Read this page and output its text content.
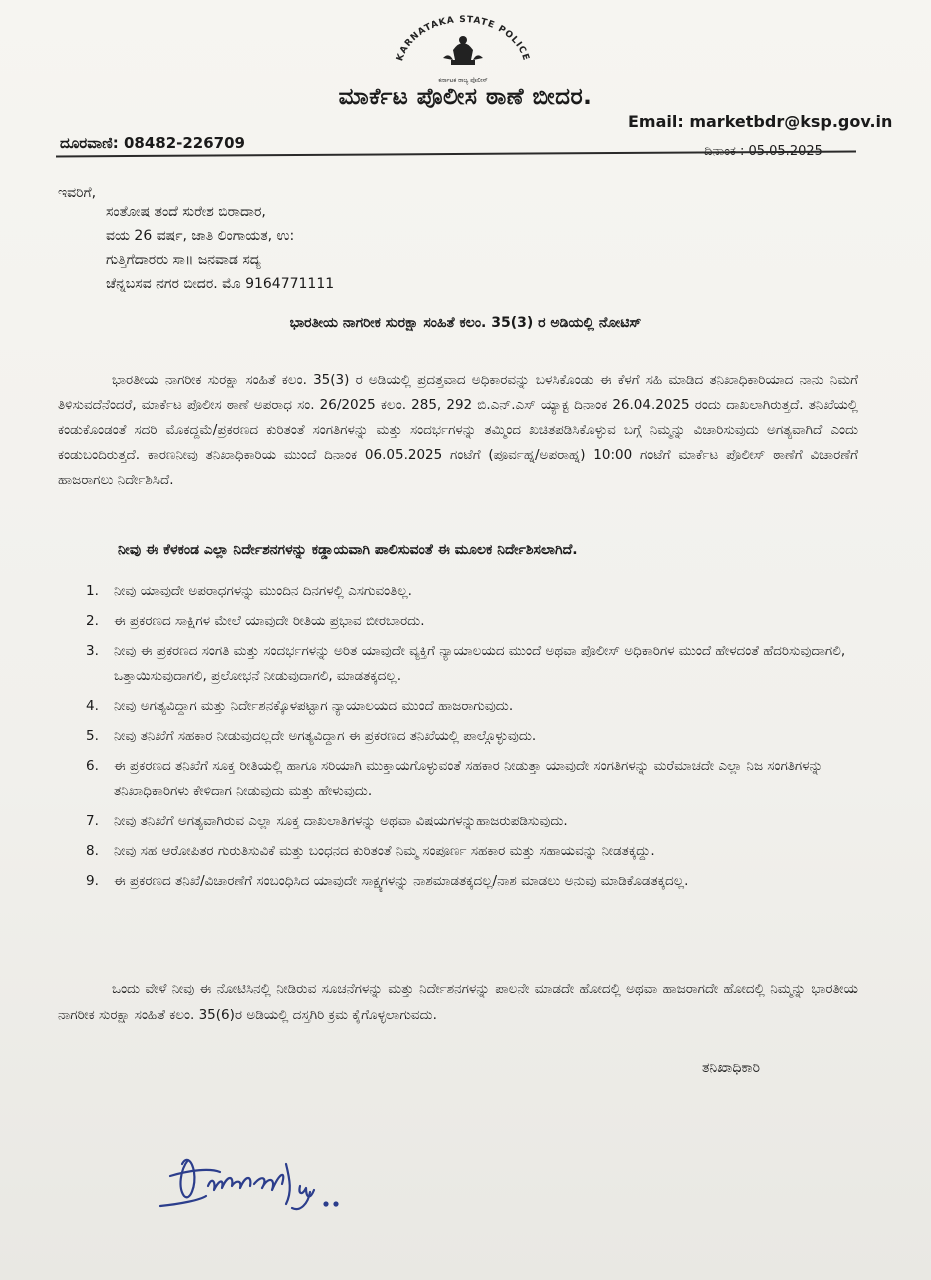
KARNATAKA STATE POLICE
ಕರ್ನಾಟಕ ರಾಜ್ಯ ಪೊಲೀಸ್
ಮಾರ್ಕೆಟ ಪೊಲೀಸ ಠಾಣೆ ಬೀದರ.
Email: marketbdr@ksp.gov.in
ದೂರವಾಣಿ: 08482-226709	ದಿನಾಂಕ : 05.05.2025
ಇವರಿಗೆ,
ಸಂತೋಷ ತಂದೆ ಸುರೇಶ ಬಿರಾದಾರ,
ವಯ 26 ವರ್ಷ, ಜಾತಿ ಲಿಂಗಾಯತ, ಉ:
ಗುತ್ತಿಗೆದಾರರು ಸಾ॥ ಜನವಾಡ ಸದ್ಯ
ಚೆನ್ನಬಸವ ನಗರ ಬೀದರ. ಮೊ 9164771111
ಭಾರತೀಯ ನಾಗರೀಕ ಸುರಕ್ಷಾ ಸಂಹಿತೆ ಕಲಂ. 35(3) ರ ಅಡಿಯಲ್ಲಿ ನೋಟಿಸ್
ಭಾರತೀಯ ನಾಗರೀಕ ಸುರಕ್ಷಾ ಸಂಹಿತೆ ಕಲಂ. 35(3) ರ ಅಡಿಯಲ್ಲಿ ಪ್ರದತ್ತವಾದ ಅಧಿಕಾರವನ್ನು ಬಳಸಿಕೊಂಡು ಈ ಕೆಳಗೆ ಸಹಿ ಮಾಡಿದ ತನಿಖಾಧಿಕಾರಿಯಾದ ನಾನು ನಿಮಗೆ ತಿಳಿಸುವದೆನೆಂದರೆ, ಮಾರ್ಕೆಟ ಪೊಲೀಸ ಠಾಣೆ ಅಪರಾಧ ಸಂ. 26/2025 ಕಲಂ. 285, 292 ಬಿ.ಎನ್.ಎಸ್ ಯ್ಯಾಕ್ಟ ದಿನಾಂಕ 26.04.2025 ರಂದು ದಾಖಲಾಗಿರುತ್ತದೆ. ತನಿಖೆಯಲ್ಲಿ ಕಂಡುಕೊಂಡಂತೆ ಸದರಿ ಮೊಕದ್ದಮೆ/ಪ್ರಕರಣದ ಕುರಿತಂತೆ ಸಂಗತಿಗಳನ್ನು ಮತ್ತು ಸಂದರ್ಭಗಳನ್ನು ತಮ್ಮಿಂದ ಖಚಿತಪಡಿಸಿಕೊಳ್ಳುವ ಬಗ್ಗೆ ನಿಮ್ಮನ್ನು ವಿಚಾರಿಸುವುದು ಅಗತ್ಯವಾಗಿದೆ ಎಂದು ಕಂಡುಬಂದಿರುತ್ತದೆ. ಕಾರಣನೀವು ತನಿಖಾಧಿಕಾರಿಯ ಮುಂದೆ ದಿನಾಂಕ 06.05.2025 ಗಂಟೆಗೆ (ಪೂರ್ವಹ್ನ/ಅಪರಾಹ್ನ) 10:00 ಗಂಟೆಗೆ ಮಾರ್ಕೆಟ ಪೊಲೀಸ್ ಠಾಣೆಗೆ ವಿಚಾರಣೆಗೆ ಹಾಜರಾಗಲು ನಿರ್ದೇಶಿಸಿದೆ.
ನೀವು ಈ ಕೆಳಕಂಡ ಎಲ್ಲಾ ನಿರ್ದೇಶನಗಳನ್ನು ಕಡ್ಡಾಯವಾಗಿ ಪಾಲಿಸುವಂತೆ ಈ ಮೂಲಕ ನಿರ್ದೇಶಿಸಲಾಗಿದೆ.
1.	ನೀವು ಯಾವುದೇ ಅಪರಾಧಗಳನ್ನು ಮುಂದಿನ ದಿನಗಳಲ್ಲಿ ಎಸಗುವಂತಿಲ್ಲ.
2.	ಈ ಪ್ರಕರಣದ ಸಾಕ್ಷಿಗಳ ಮೇಲೆ ಯಾವುದೇ ರೀತಿಯ ಪ್ರಭಾವ ಬೀರಬಾರದು.
3.	ನೀವು ಈ ಪ್ರಕರಣದ ಸಂಗತಿ ಮತ್ತು ಸಂದರ್ಭಗಳನ್ನು ಅರಿತ ಯಾವುದೇ ವ್ಯಕ್ತಿಗೆ ನ್ಯಾಯಾಲಯದ ಮುಂದೆ ಅಥವಾ ಪೊಲೀಸ್ ಅಧಿಕಾರಿಗಳ ಮುಂದೆ ಹೇಳದಂತೆ ಹೆದರಿಸುವುದಾಗಲಿ, ಒತ್ತಾಯಿಸುವುದಾಗಲಿ, ಪ್ರಲೋಭನೆ ನೀಡುವುದಾಗಲಿ, ಮಾಡತಕ್ಕದಲ್ಲ.
4.	ನೀವು ಅಗತ್ಯವಿದ್ದಾಗ ಮತ್ತು ನಿರ್ದೇಶನಕ್ಕೊಳಪಟ್ಟಾಗ ನ್ಯಾಯಾಲಯದ ಮುಂದೆ ಹಾಜರಾಗುವುದು.
5.	ನೀವು ತನಿಖೆಗೆ ಸಹಕಾರ ನೀಡುವುದಲ್ಲದೇ ಅಗತ್ಯವಿದ್ದಾಗ ಈ ಪ್ರಕರಣದ ತನಿಖೆಯಲ್ಲಿ ಪಾಲ್ಗೊಳ್ಳುವುದು.
6.	ಈ ಪ್ರಕರಣದ ತನಿಖೆಗೆ ಸೂಕ್ತ ರೀತಿಯಲ್ಲಿ ಹಾಗೂ ಸರಿಯಾಗಿ ಮುಕ್ತಾಯಗೊಳ್ಳುವಂತೆ ಸಹಕಾರ ನೀಡುತ್ತಾ ಯಾವುದೇ ಸಂಗತಿಗಳನ್ನು ಮರೆಮಾಚದೇ ಎಲ್ಲಾ ನಿಜ ಸಂಗತಿಗಳನ್ನು ತನಿಖಾಧಿಕಾರಿಗಳು ಕೇಳಿದಾಗ ನೀಡುವುದು ಮತ್ತು ಹೇಳುವುದು.
7.	ನೀವು ತನಿಖೆಗೆ ಅಗತ್ಯವಾಗಿರುವ ಎಲ್ಲಾ ಸೂಕ್ತ ದಾಖಲಾತಿಗಳನ್ನು ಅಥವಾ ವಿಷಯಗಳನ್ನುಹಾಜರುಪಡಿಸುವುದು.
8.	ನೀವು ಸಹ ಆರೋಪಿತರ ಗುರುತಿಸುವಿಕೆ ಮತ್ತು ಬಂಧನದ ಕುರಿತಂತೆ ನಿಮ್ಮ ಸಂಪೂರ್ಣ ಸಹಕಾರ ಮತ್ತು ಸಹಾಯವನ್ನು ನೀಡತಕ್ಕದ್ದು.
9.	ಈ ಪ್ರಕರಣದ ತನಿಖೆ/ವಿಚಾರಣೆಗೆ ಸಂಬಂಧಿಸಿದ ಯಾವುದೇ ಸಾಕ್ಷ್ಯಗಳನ್ನು ನಾಶಮಾಡತಕ್ಕದಲ್ಲ/ನಾಶ ಮಾಡಲು ಅನುವು ಮಾಡಿಕೊಡತಕ್ಕದಲ್ಲ.
ಒಂದು ವೇಳೆ ನೀವು ಈ ನೋಟಿಸಿನಲ್ಲಿ ನೀಡಿರುವ ಸೂಚನೆಗಳನ್ನು ಮತ್ತು ನಿರ್ದೇಶನಗಳನ್ನು ಪಾಲನೇ ಮಾಡದೇ ಹೋದಲ್ಲಿ ಅಥವಾ ಹಾಜರಾಗದೇ ಹೋದಲ್ಲಿ ನಿಮ್ಮನ್ನು ಭಾರತೀಯ ನಾಗರೀಕ ಸುರಕ್ಷಾ ಸಂಹಿತೆ ಕಲಂ. 35(6)ರ ಅಡಿಯಲ್ಲಿ ದಸ್ತಗಿರಿ ಕ್ರಮ ಕೈಗೊಳ್ಳಲಾಗುವದು.
ತನಿಖಾಧಿಕಾರಿ
